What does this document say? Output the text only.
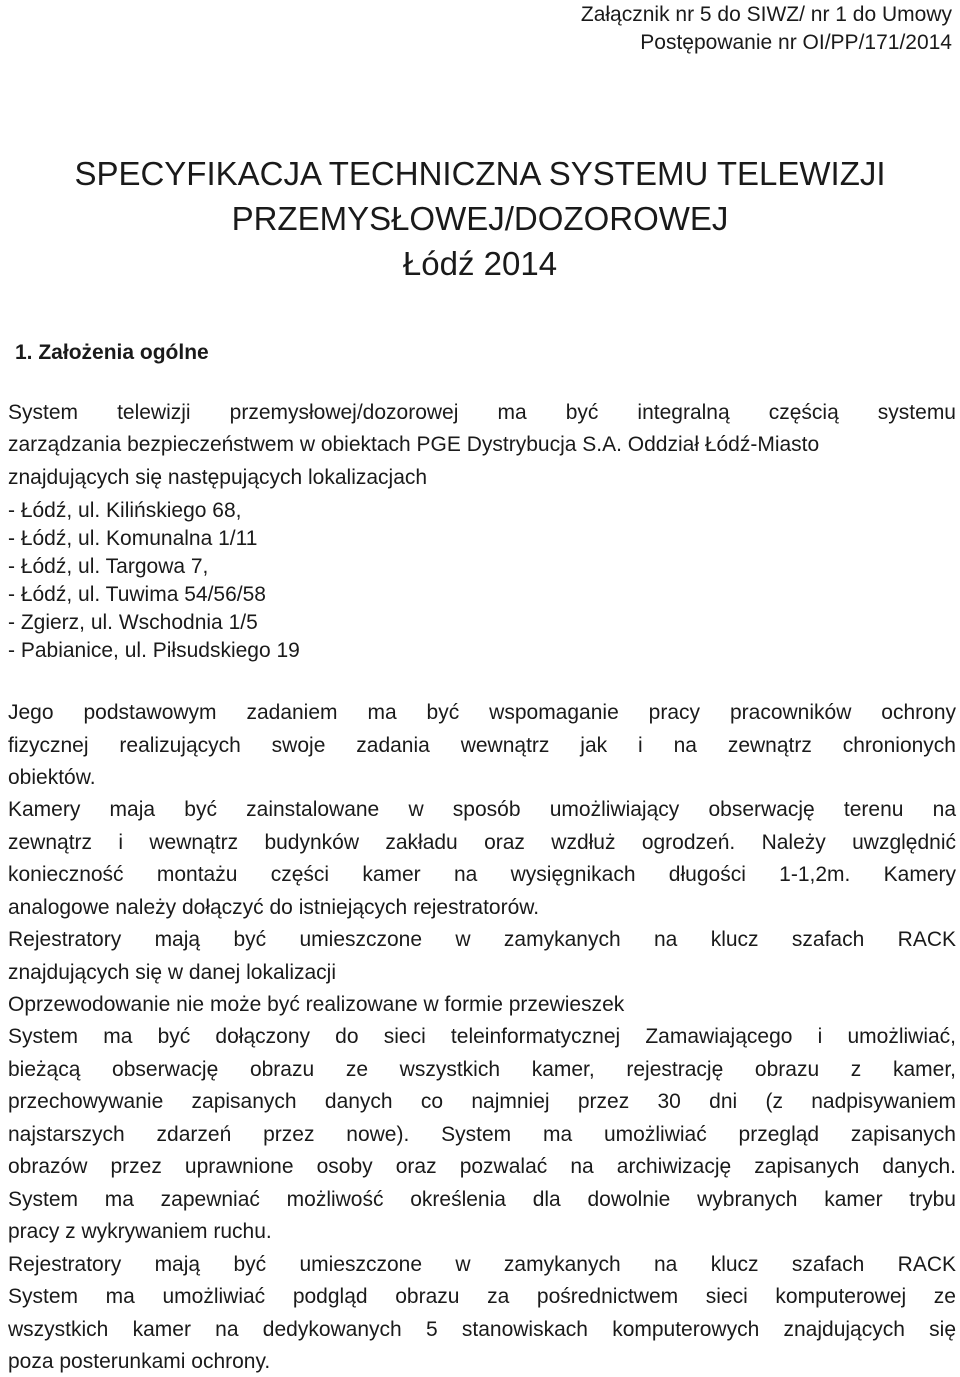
Załącznik nr 5 do SIWZ/ nr 1 do Umowy
Postępowanie nr OI/PP/171/2014
SPECYFIKACJA TECHNICZNA SYSTEMU TELEWIZJI
PRZEMYSŁOWEJ/DOZOROWEJ
Łódź 2014
1. Założenia ogólne
System telewizji przemysłowej/dozorowej ma być integralną częścią systemu
zarządzania bezpieczeństwem w obiektach PGE Dystrybucja S.A. Oddział Łódź-Miasto
znajdujących się następujących lokalizacjach
- Łódź, ul. Kilińskiego 68,
- Łódź, ul. Komunalna 1/11
- Łódź, ul. Targowa 7,
- Łódź, ul. Tuwima 54/56/58
- Zgierz, ul. Wschodnia 1/5
- Pabianice, ul. Piłsudskiego 19
Jego podstawowym zadaniem ma być wspomaganie pracy pracowników ochrony
fizycznej realizujących swoje zadania wewnątrz jak i na zewnątrz chronionych
obiektów.
Kamery maja być zainstalowane w sposób umożliwiający obserwację terenu na
zewnątrz i wewnątrz budynków zakładu oraz wzdłuż ogrodzeń. Należy uwzględnić
konieczność montażu części kamer na wysięgnikach długości 1-1,2m. Kamery
analogowe należy dołączyć do istniejących rejestratorów.
Rejestratory mają być umieszczone w zamykanych na klucz szafach RACK
znajdujących się w danej lokalizacji
Oprzewodowanie nie może być realizowane w formie przewieszek
System ma być dołączony do sieci teleinformatycznej Zamawiającego i umożliwiać,
bieżącą obserwację obrazu ze wszystkich kamer, rejestrację obrazu z kamer,
przechowywanie zapisanych danych co najmniej przez 30 dni (z nadpisywaniem
najstarszych zdarzeń przez nowe). System ma umożliwiać przegląd zapisanych
obrazów przez uprawnione osoby oraz pozwalać na archiwizację zapisanych danych.
System ma zapewniać możliwość określenia dla dowolnie wybranych kamer trybu
pracy z wykrywaniem ruchu.
Rejestratory mają być umieszczone w zamykanych na klucz szafach RACK
System ma umożliwiać podgląd obrazu za pośrednictwem sieci komputerowej ze
wszystkich kamer na dedykowanych 5 stanowiskach komputerowych znajdujących się
poza posterunkami ochrony.
